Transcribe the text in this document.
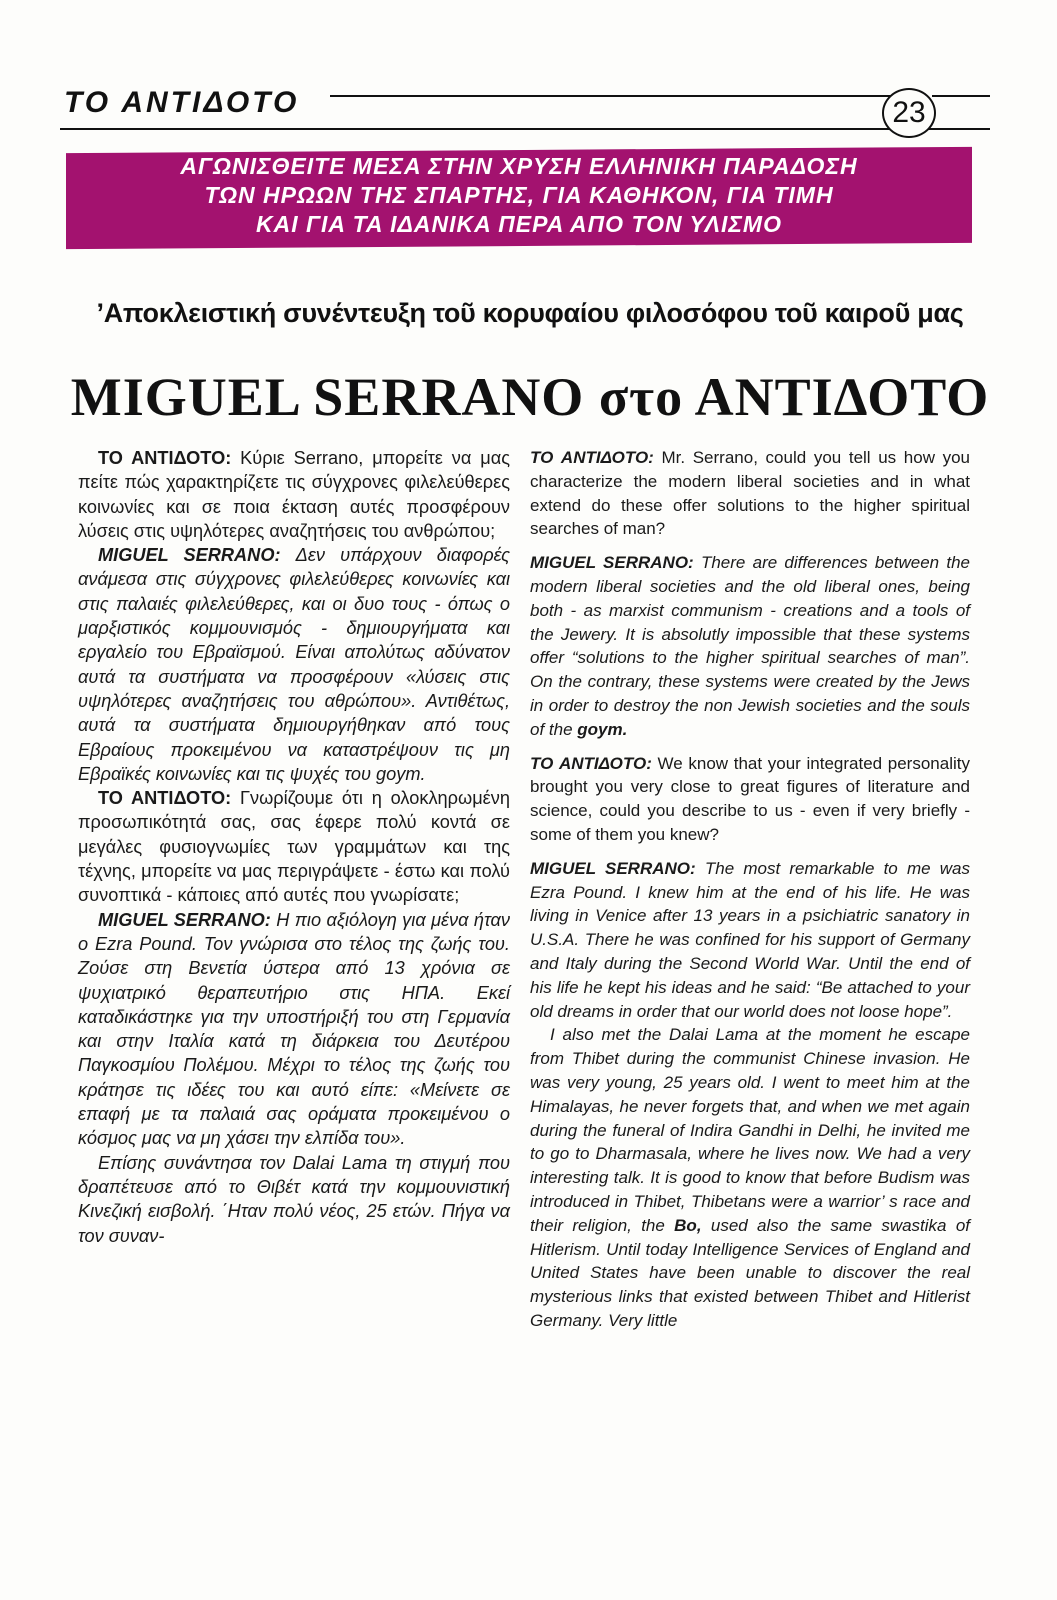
ΤΟ ΑΝΤΙΔΟΤΟ	23
ΑΓΩΝΙΣΘΕΙΤΕ ΜΕΣΑ ΣΤΗΝ ΧΡΥΣΗ ΕΛΛΗΝΙΚΗ ΠΑΡΑΔΟΣΗ
ΤΩΝ ΗΡΩΩΝ ΤΗΣ ΣΠΑΡΤΗΣ, ΓΙΑ ΚΑΘΗΚΟΝ, ΓΙΑ ΤΙΜΗ
ΚΑΙ ΓΙΑ ΤΑ ΙΔΑΝΙΚΑ ΠΕΡΑ ΑΠΟ ΤΟΝ ΥΛΙΣΜΟ
’Αποκλειστική συνέντευξη τοῦ κορυφαίου φιλοσόφου τοῦ καιροῦ μας
MIGUEL SERRANO στο ΑΝΤΙΔΟΤΟ

ΤΟ ΑΝΤΙΔΟΤΟ: Κύριε Serrano, μπορείτε να μας πείτε πώς χαρακτηρίζετε τις σύγχρονες φιλελεύθερες κοινωνίες και σε ποια έκταση αυτές προσφέρουν λύσεις στις υψηλότερες αναζητήσεις του ανθρώπου;

MIGUEL SERRANO: Δεν υπάρχουν διαφορές ανάμεσα στις σύγχρονες φιλελεύθερες κοινωνίες και στις παλαιές φιλελεύθερες, και οι δυο τους - όπως ο μαρξιστικός κομμουνισμός - δημιουργήματα και εργαλείο του Εβραϊσμού. Είναι απολύτως αδύνατον αυτά τα συστήματα να προσφέρουν «λύσεις στις υψηλότερες αναζητήσεις του αθρώπου». Αντιθέτως, αυτά τα συστήματα δημιουργήθηκαν από τους Εβραίους προκειμένου να καταστρέψουν τις μη Εβραϊκές κοινωνίες και τις ψυχές του goym.

ΤΟ ΑΝΤΙΔΟΤΟ: Γνωρίζουμε ότι η ολοκληρωμένη προσωπικότητά σας, σας έφερε πολύ κοντά σε μεγάλες φυσιογνωμίες των γραμμάτων και της τέχνης, μπορείτε να μας περιγράψετε - έστω και πολύ συνοπτικά - κάποιες από αυτές που γνωρίσατε;

MIGUEL SERRANO: Η πιο αξιόλογη για μένα ήταν ο Ezra Pound. Τον γνώρισα στο τέλος της ζωής του. Ζούσε στη Βενετία ύστερα από 13 χρόνια σε ψυχιατρικό θεραπευτήριο στις ΗΠΑ. Εκεί καταδικάστηκε για την υποστήριξή του στη Γερμανία και στην Ιταλία κατά τη διάρκεια του Δευτέρου Παγκοσμίου Πολέμου. Μέχρι το τέλος της ζωής του κράτησε τις ιδέες του και αυτό είπε: «Μείνετε σε επαφή με τα παλαιά σας οράματα προκειμένου ο κόσμος μας να μη χάσει την ελπίδα του».

Επίσης συνάντησα τον Dalai Lama τη στιγμή που δραπέτευσε από το Θιβέτ κατά την κομμουνιστική Κινεζική εισβολή. ΄Ηταν πολύ νέος, 25 ετών. Πήγα να τον συναν-

TO ΑΝΤΙΔΟΤΟ: Mr. Serrano, could you tell us how you characterize the modern liberal societies and in what extend do these offer solutions to the higher spiritual searches of man?

MIGUEL SERRANO: There are differences between the modern liberal societies and the old liberal ones, being both - as marxist communism - creations and a tools of the Jewery. It is absolutly impossible that these systems offer “solutions to the higher spiritual searches of man”. On the contrary, these systems were created by the Jews in order to destroy the non Jewish societies and the souls of the goym.

TO ΑΝΤΙΔΟΤΟ: We know that your integrated personality brought you very close to great figures of literature and science, could you describe to us - even if very briefly - some of them you knew?

MIGUEL SERRANO: The most remarkable to me was Ezra Pound. I knew him at the end of his life. He was living in Venice after 13 years in a psichiatric sanatory in U.S.A. There he was confined for his support of Germany and Italy during the Second World War. Until the end of his life he kept his ideas and he said: “Be attached to your old dreams in order that our world does not loose hope”.

I also met the Dalai Lama at the moment he escape from Thibet during the communist Chinese invasion. He was very young, 25 years old. I went to meet him at the Himalayas, he never forgets that, and when we met again during the funeral of Indira Gandhi in Delhi, he invited me to go to Dharmasala, where he lives now. We had a very interesting talk. It is good to know that before Budism was introduced in Thibet, Thibetans were a warrior’ s race and their religion, the Bo, used also the same swastika of Hitlerism. Until today Intelligence Services of England and United States have been unable to discover the real mysterious links that existed between Thibet and Hitlerist Germany. Very little
